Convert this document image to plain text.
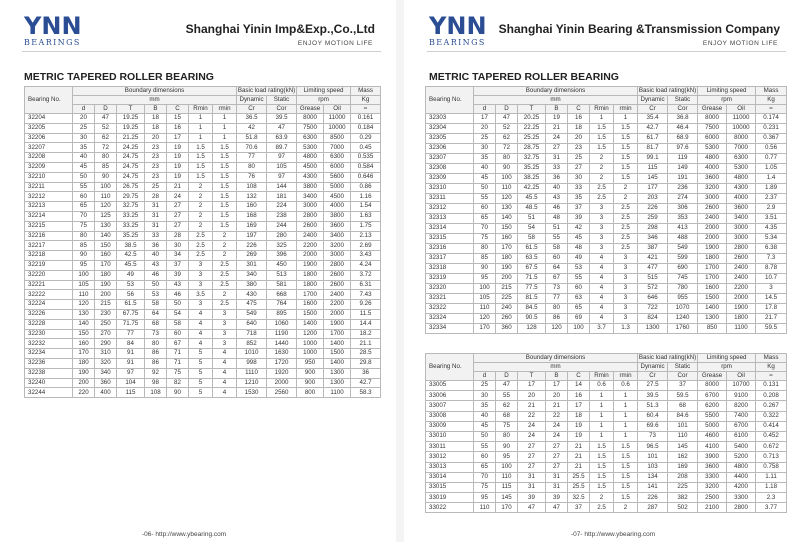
YNN
BEARINGS
Shanghai Yinin Imp&Exp.,Co.,Ltd
ENJOY MOTION LIFE
METRIC TAPERED ROLLER BEARING
Bearing No.	Boundary dimensions							Basic load rating(kN)		Limiting speed		Mass
	mm							Dynamic	Static	rpm		Kg
	d	D	T	B	C	Rmin	rmin	Cr	Cor	Grease	Oil	≈
32204	20	47	19.25	18	15	1	1	36.5	39.5	8000	11000	0.161
32205	25	52	19.25	18	16	1	1	42	47	7500	10000	0.184
32206	30	62	21.25	20	17	1	1	51.8	63.9	6300	8500	0.29
32207	35	72	24.25	23	19	1.5	1.5	70.6	89.7	5300	7000	0.45
32208	40	80	24.75	23	19	1.5	1.5	77	97	4800	6300	0.535
32209	45	85	24.75	23	19	1.5	1.5	80	105	4500	6000	0.584
32210	50	90	24.75	23	19	1.5	1.5	76	97	4300	5600	0.646
32211	55	100	26.75	25	21	2	1.5	108	144	3800	5000	0.86
32212	60	110	29.75	28	24	2	1.5	132	181	3400	4500	1.16
32213	65	120	32.75	31	27	2	1.5	160	224	3000	4000	1.54
32214	70	125	33.25	31	27	2	1.5	168	238	2800	3800	1.63
32215	75	130	33.25	31	27	2	1.5	169	244	2600	3600	1.75
32216	80	140	35.25	33	28	2.5	2	197	280	2400	3400	2.13
32217	85	150	38.5	36	30	2.5	2	226	325	2200	3200	2.69
32218	90	160	42.5	40	34	2.5	2	269	396	2000	3000	3.43
32219	95	170	45.5	43	37	3	2.5	301	450	1900	2800	4.24
32220	100	180	49	46	39	3	2.5	340	513	1800	2600	3.72
32221	105	190	53	50	43	3	2.5	380	581	1800	2600	6.31
32222	110	200	56	53	46	3.5	2	430	668	1700	2400	7.43
32224	120	215	61.5	58	50	3	2.5	475	764	1600	2200	9.26
32226	130	230	67.75	64	54	4	3	549	895	1500	2000	11.5
32228	140	250	71.75	68	58	4	3	640	1060	1400	1900	14.4
32230	150	270	77	73	60	4	3	718	1190	1200	1700	18.2
32232	160	290	84	80	67	4	3	852	1440	1000	1400	21.1
32234	170	310	91	86	71	5	4	1010	1630	1000	1500	28.5
32236	180	320	91	86	71	5	4	998	1720	950	1400	29.8
32238	190	340	97	92	75	5	4	1110	1920	900	1300	36
32240	200	360	104	98	82	5	4	1210	2000	900	1300	42.7
32244	220	400	115	108	90	5	4	1530	2560	800	1100	58.3
-06- http://www.ybearing.com
YNN
BEARINGS
Shanghai Yinin Bearing &Transmission Company
ENJOY MOTION LIFE
METRIC TAPERED ROLLER BEARING
Bearing No.	Boundary dimensions							Basic load rating(kN)		Limiting speed		Mass
	mm							Dynamic	Static	rpm		Kg
	d	D	T	B	C	Rmin	rmin	Cr	Cor	Grease	Oil	≈
32303	17	47	20.25	19	16	1	1	35.4	36.8	8000	11000	0.174
32304	20	52	22.25	21	18	1.5	1.5	42.7	46.4	7500	10000	0.231
32305	25	62	25.25	24	20	1.5	1.5	61.7	68.9	6000	8000	0.367
32306	30	72	28.75	27	23	1.5	1.5	81.7	97.6	5300	7000	0.56
32307	35	80	32.75	31	25	2	1.5	99.1	119	4800	6300	0.77
32308	40	90	35.25	33	27	2	1.5	115	149	4000	5300	1.05
32309	45	100	38.25	36	30	2	1.5	145	191	3600	4800	1.4
32310	50	110	42.25	40	33	2.5	2	177	236	3200	4300	1.89
32311	55	120	45.5	43	35	2.5	2	203	274	3000	4000	2.37
32312	60	130	48.5	46	37	3	2.5	226	306	2600	3600	2.9
32313	65	140	51	48	39	3	2.5	259	353	2400	3400	3.51
32314	70	150	54	51	42	3	2.5	298	413	2000	3000	4.35
32315	75	160	58	55	45	3	2.5	346	488	2000	3000	5.34
32316	80	170	61.5	58	48	3	2.5	387	549	1900	2800	6.38
32317	85	180	63.5	60	49	4	3	421	599	1800	2600	7.3
32318	90	190	67.5	64	53	4	3	477	690	1700	2400	8.78
32319	95	200	71.5	67	55	4	3	515	745	1700	2400	10.7
32320	100	215	77.5	73	60	4	3	572	780	1600	2200	3
32321	105	225	81.5	77	63	4	3	646	955	1500	2000	14.5
32322	110	240	84.5	80	65	4	3	722	1070	1400	1900	17.8
32324	120	260	90.5	86	69	4	3	824	1240	1300	1800	21.7
32334	170	360	128	120	100	3.7	1.3	1300	1760	850	1100	59.5
Bearing No.	Boundary dimensions							Basic load rating(kN)		Limiting speed		Mass
	mm							Dynamic	Static	rpm		Kg
	d	D	T	B	C	Rmin	rmin	Cr	Cor	Grease	Oil	≈
33005	25	47	17	17	14	0.6	0.6	27.5	37	8000	10700	0.131
33006	30	55	20	20	16	1	1	39.5	59.5	6700	9100	0.208
33007	35	62	21	21	17	1	1	51.3	68	6200	8200	0.267
33008	40	68	22	22	18	1	1	60.4	84.6	5500	7400	0.322
33009	45	75	24	24	19	1	1	69.6	101	5000	6700	0.414
33010	50	80	24	24	19	1	1	73	110	4600	6100	0.452
33011	55	90	27	27	21	1.5	1.5	96.5	145	4100	5400	0.672
33012	60	95	27	27	21	1.5	1.5	101	162	3900	5200	0.713
33013	65	100	27	27	21	1.5	1.5	103	169	3600	4800	0.758
33014	70	110	31	31	25.5	1.5	1.5	134	208	3300	4400	1.11
33015	75	115	31	31	25.5	1.5	1.5	141	225	3200	4200	1.18
33019	95	145	39	39	32.5	2	1.5	226	382	2500	3300	2.3
33022	110	170	47	47	37	2.5	2	287	502	2100	2800	3.77
-07- http://www.ybearing.com
